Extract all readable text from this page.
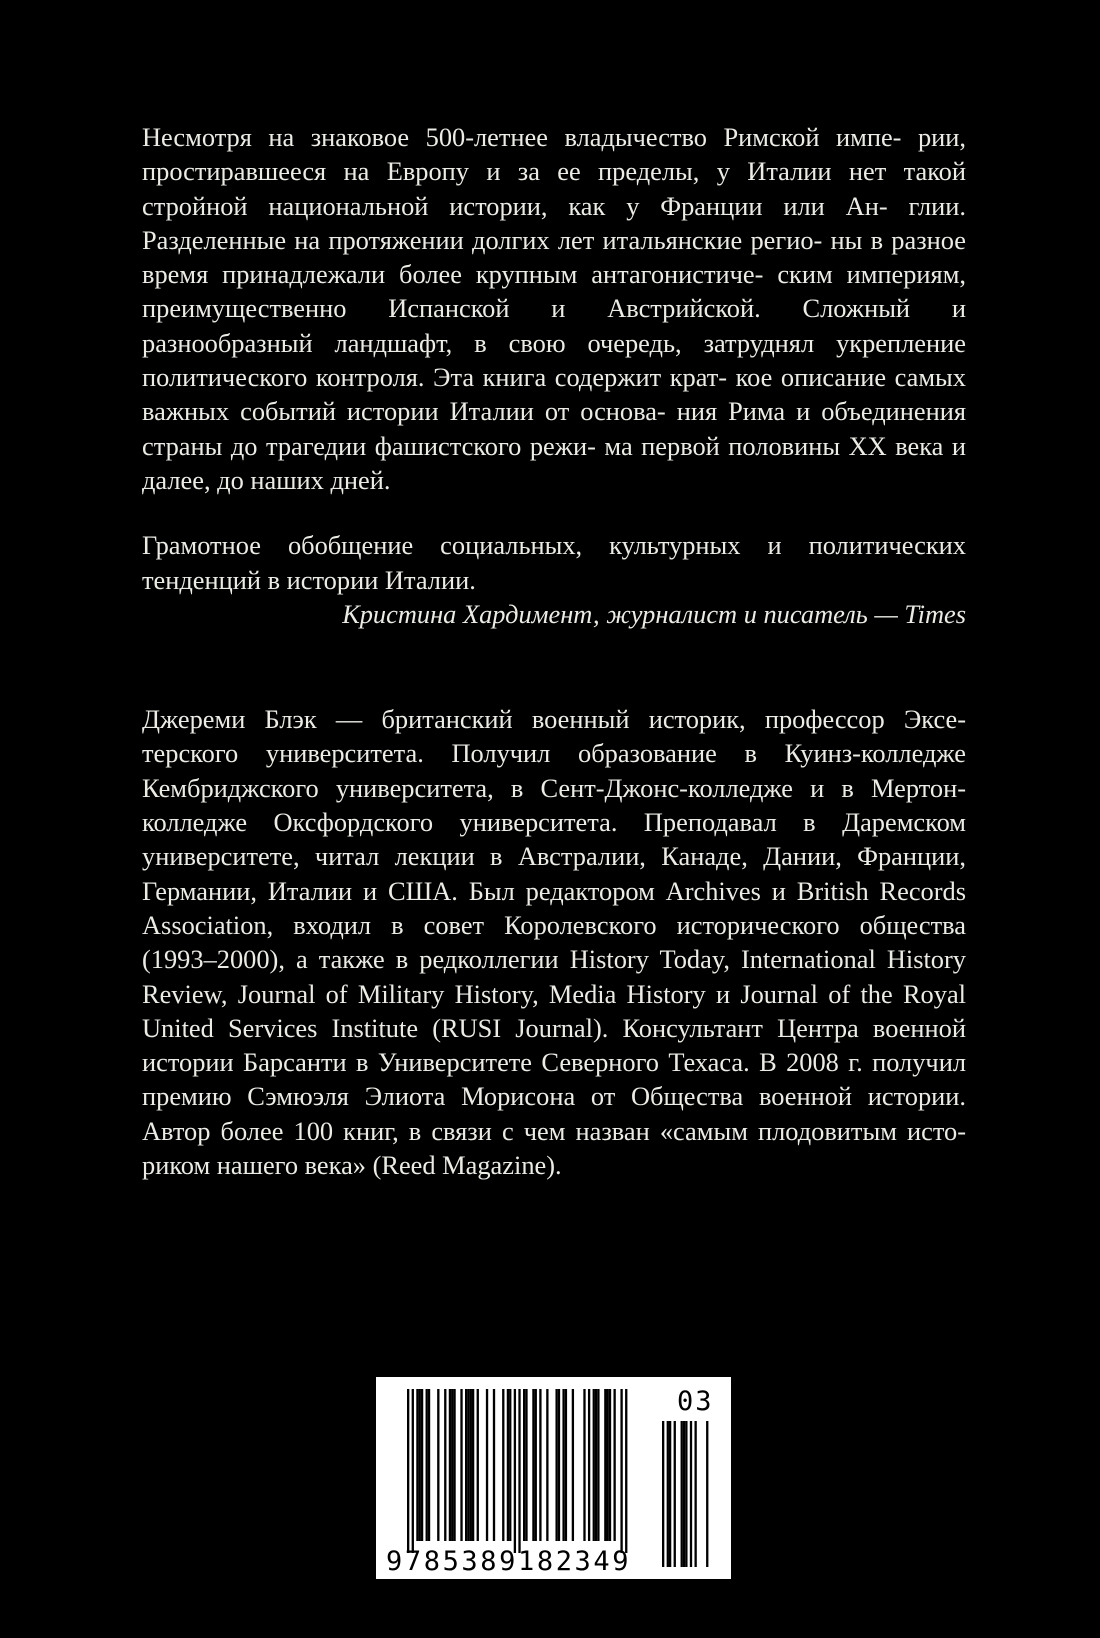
Несмотря на знаковое 500-летнее владычество Римской импе- рии, простиравшееся на Европу и за ее пределы, у Италии нет такой стройной национальной истории, как у Франции или Ан- глии. Разделенные на протяжении долгих лет итальянские регио- ны в разное время принадлежали более крупным антагонистиче- ским империям, преимущественно Испанской и Австрийской. Сложный и разнообразный ландшафт, в свою очередь, затруднял укрепление политического контроля. Эта книга содержит крат- кое описание самых важных событий истории Италии от основа- ния Рима и объединения страны до трагедии фашистского режи- ма первой половины XX века и далее, до наших дней.

Грамотное обобщение социальных, культурных и политических тенденций в истории Италии.

Кристина Хардимент, журналист и писатель — Times

Джереми Блэк — британский военный историк, профессор Эксе- терского университета. Получил образование в Куинз-колледже Кембриджского университета, в Сент-Джонс-колледже и в Мертон- колледже Оксфордского университета. Преподавал в Даремском университете, читал лекции в Австралии, Канаде, Дании, Франции, Германии, Италии и США. Был редактором Archives и British Records Association, входил в совет Королевского исторического общества (1993–2000), а также в редколлегии History Today, International History Review, Journal of Military History, Media History и Journal of the Royal United Services Institute (RUSI Journal). Консультант Центра военной истории Барсанти в Университете Северного Техаса. В 2008 г. получил премию Сэмюэля Элиота Морисона от Общества военной истории. Автор более 100 книг, в связи с чем назван «самым плодовитым исто- риком нашего века» (Reed Magazine).

9785389182349
03
